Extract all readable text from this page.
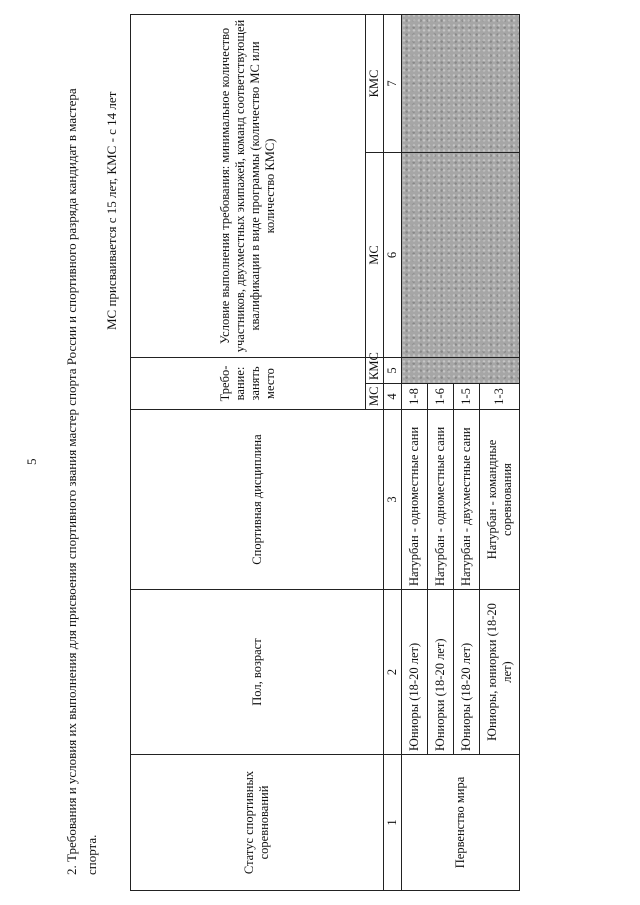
5 2. Требования и условия их выполнения для присвоения спортивного звания мастер спорта России и спортивного разряда кандидат в мастера спорта.
МС присваивается с 15 лет, КМС - с 14 лет
Статус спортивных соревнований	Пол, возраст	Спортивная дисциплина	Требо-вание: занять место		Условие выполнения требования: минимальное количество участников, двухместных экипажей, команд соответствующей квалификации в виде программы (количество МС или количество КМС)	
			МС	КМС	МС	КМС
1	2	3	4	5	6	7
Первенство мира	Юниоры (18-20 лет)	Натурбан - одноместные сани	1-8			
	Юниорки (18-20 лет)	Натурбан - одноместные сани	1-6			
	Юниоры (18-20 лет)	Натурбан - двухместные сани	1-5			
	Юниоры, юниорки (18-20 лет)	Натурбан - командные соревнования	1-3			
